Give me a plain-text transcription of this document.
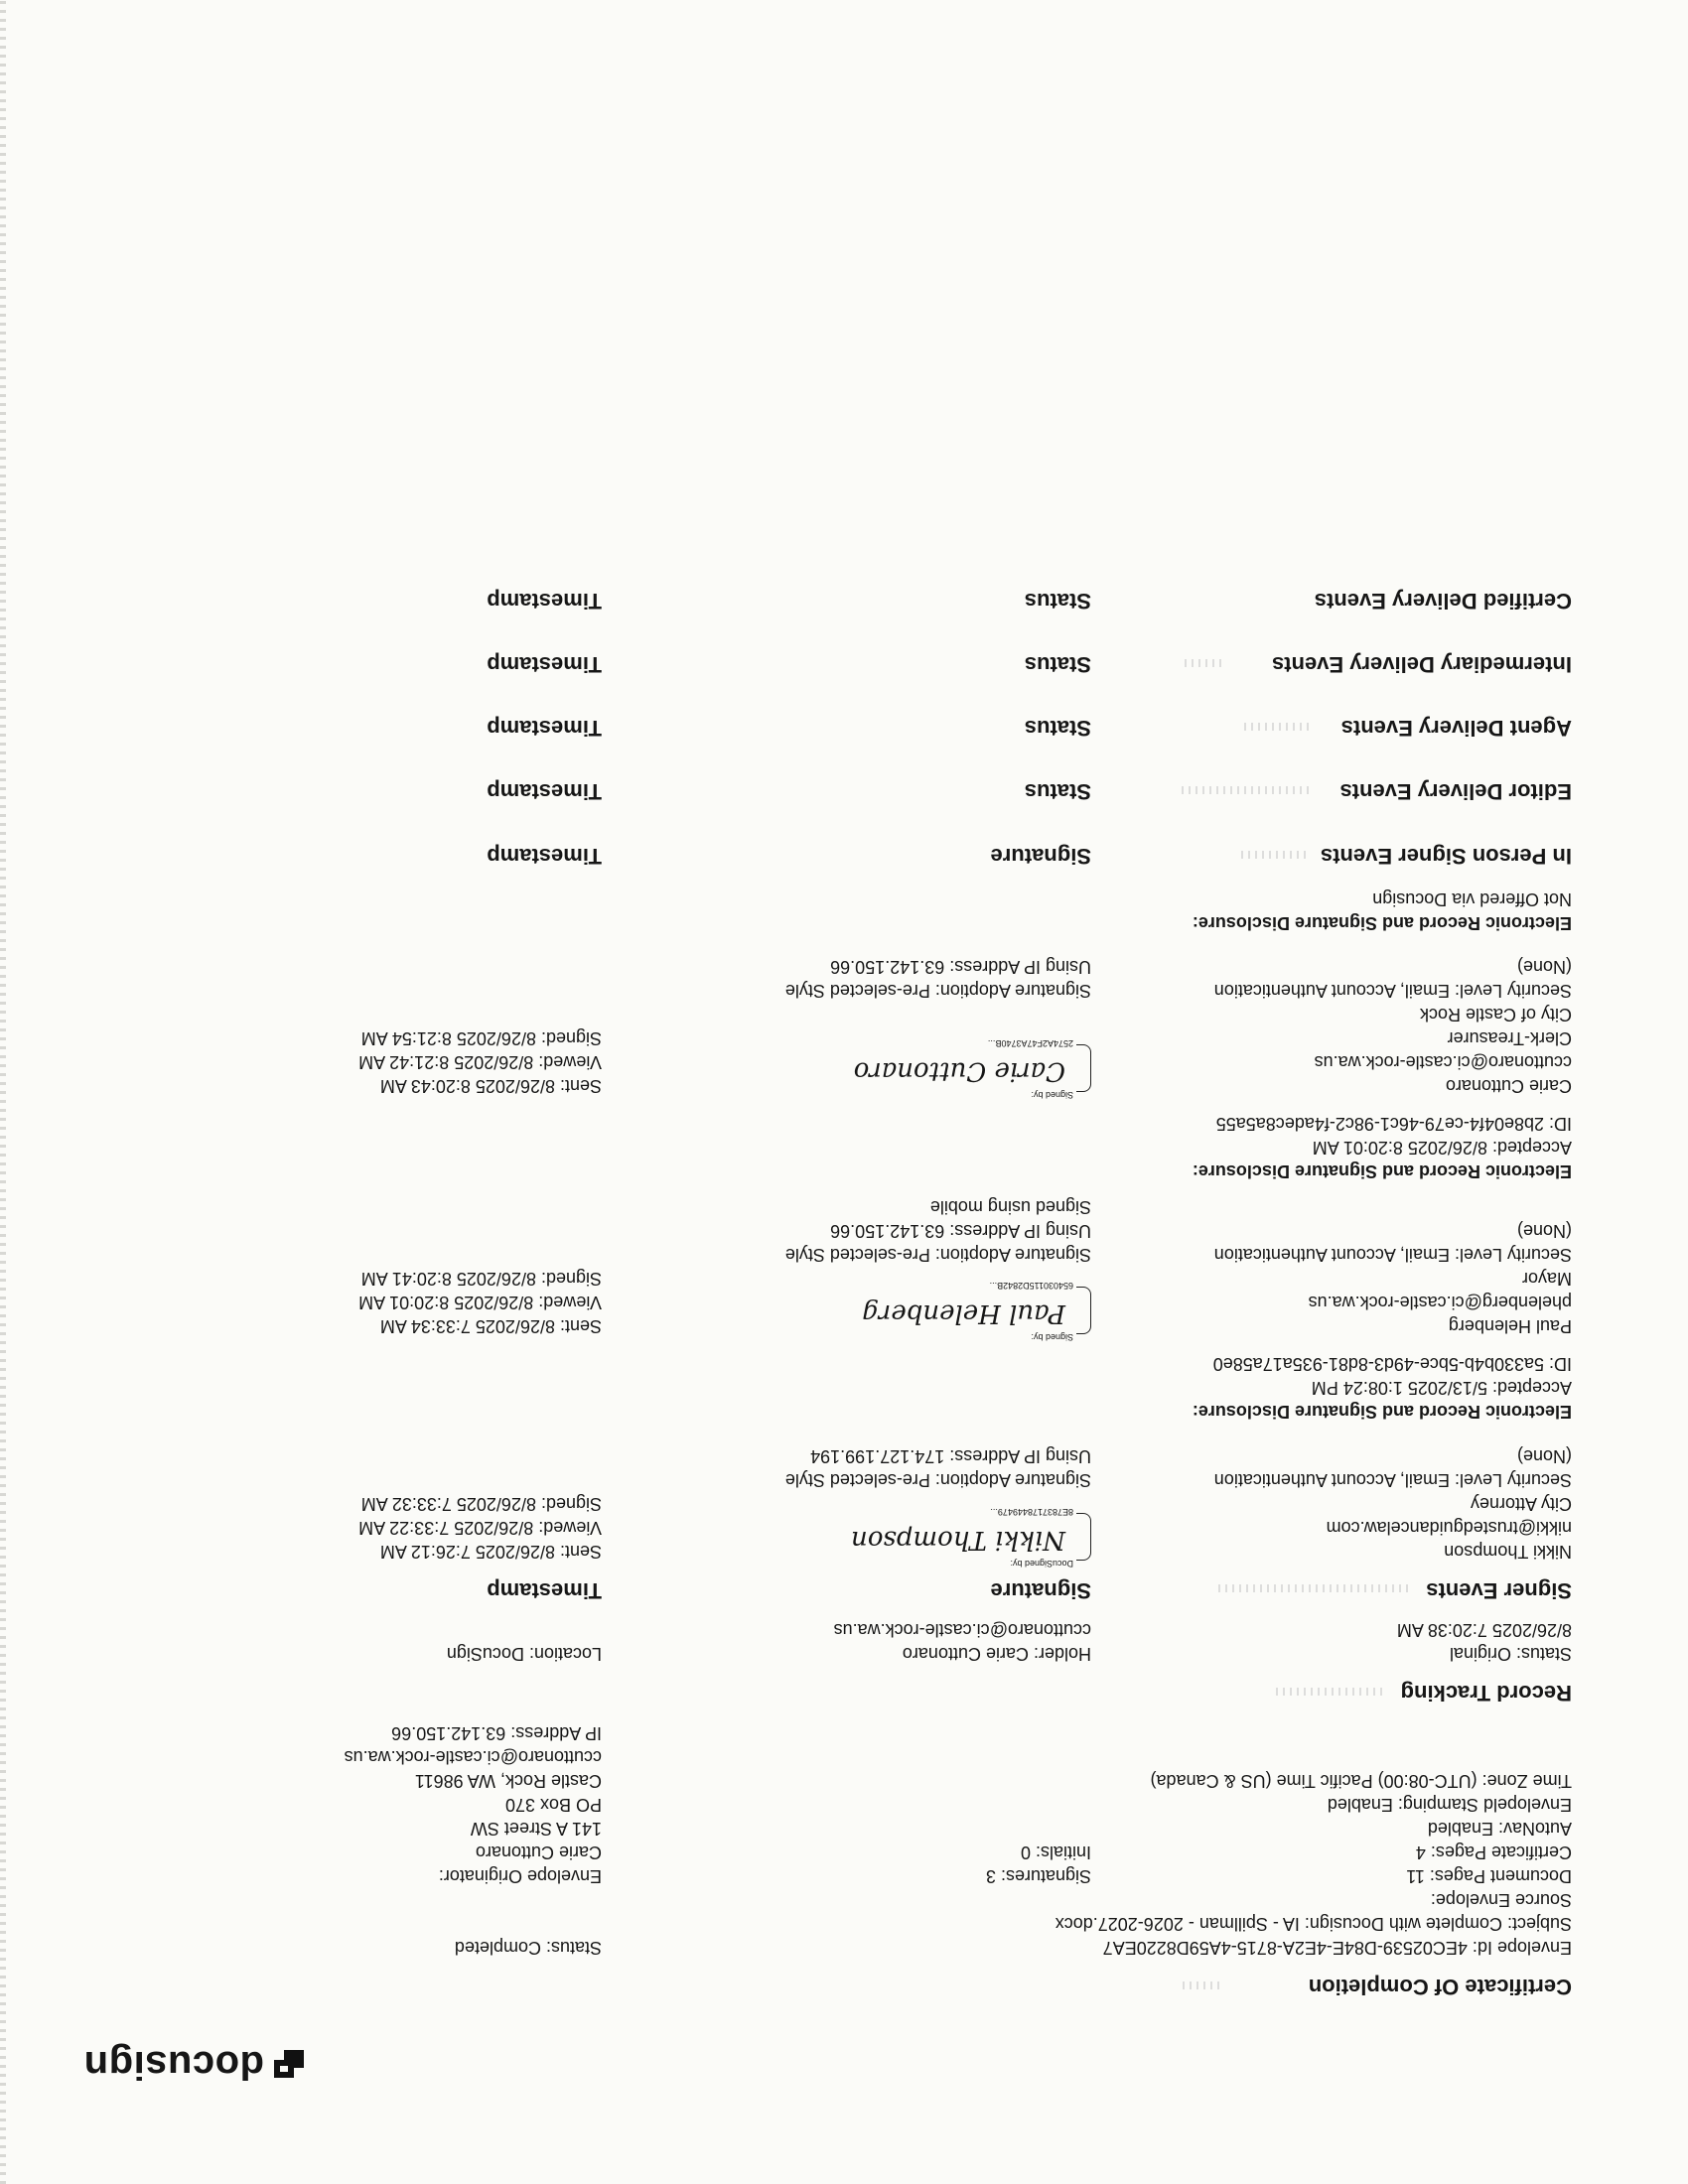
docusign
Certificate Of Completion
Envelope Id: 4EC02539-D84E-4E2A-8715-4A59D8220EA7
Status: Completed
Subject: Complete with Docusign: IA - Spillman - 2026-2027.docx
Source Envelope:
Document Pages: 11
Signatures: 3
Certificate Pages: 4
Initials: 0
AutoNav: Enabled
Envelopeld Stamping: Enabled
Time Zone: (UTC-08:00) Pacific Time (US & Canada)
Envelope Originator:
Carie Cuttonaro
141 A Street SW
PO Box 370
Castle Rock, WA 98611
ccuttonaro@ci.castle-rock.wa.us
IP Address: 63.142.150.66
Record Tracking
Status: Original
8/26/2025 7:20:38 AM
Holder: Carie Cuttonaro
ccuttonaro@ci.castle-rock.wa.us
Location: DocuSign
Signer Events
Signature
Timestamp
Nikki Thompson
nikki@trustedguidancelaw.com
City Attorney
Security Level: Email, Account Authentication
(None)
DocuSigned by:
Nikki Thompson
8E7837178449479...
Signature Adoption: Pre-selected Style
Using IP Address: 174.127.199.194
Sent: 8/26/2025 7:26:12 AM
Viewed: 8/26/2025 7:33:22 AM
Signed: 8/26/2025 7:33:32 AM
Electronic Record and Signature Disclosure:
Accepted: 5/13/2025 1:08:24 PM
ID: 5a330b4b-5bce-49d3-8d81-935a17a58e0
Paul Helenberg
phelenberg@ci.castle-rock.wa.us
Mayor
Security Level: Email, Account Authentication
(None)
Signed by:
Paul Helenberg
654030115D2842B...
Signature Adoption: Pre-selected Style
Using IP Address: 63.142.150.66
Signed using mobile
Sent: 8/26/2025 7:33:34 AM
Viewed: 8/26/2025 8:20:01 AM
Signed: 8/26/2025 8:20:41 AM
Electronic Record and Signature Disclosure:
Accepted: 8/26/2025 8:20:01 AM
ID: 2b8e04f4-ce79-46c1-98c2-f4adec8a5a55
Carie Cuttonaro
ccuttonaro@ci.castle-rock.wa.us
Clerk-Treasurer
City of Castle Rock
Security Level: Email, Account Authentication
(None)
Signed by:
Carie Cuttonaro
2574A2F47A3740B...
Signature Adoption: Pre-selected Style
Using IP Address: 63.142.150.66
Sent: 8/26/2025 8:20:43 AM
Viewed: 8/26/2025 8:21:42 AM
Signed: 8/26/2025 8:21:54 AM
Electronic Record and Signature Disclosure:
Not Offered via Docusign
In Person Signer Events
Signature
Timestamp
Editor Delivery Events
Status
Timestamp
Agent Delivery Events
Status
Timestamp
Intermediary Delivery Events
Status
Timestamp
Certified Delivery Events
Status
Timestamp
